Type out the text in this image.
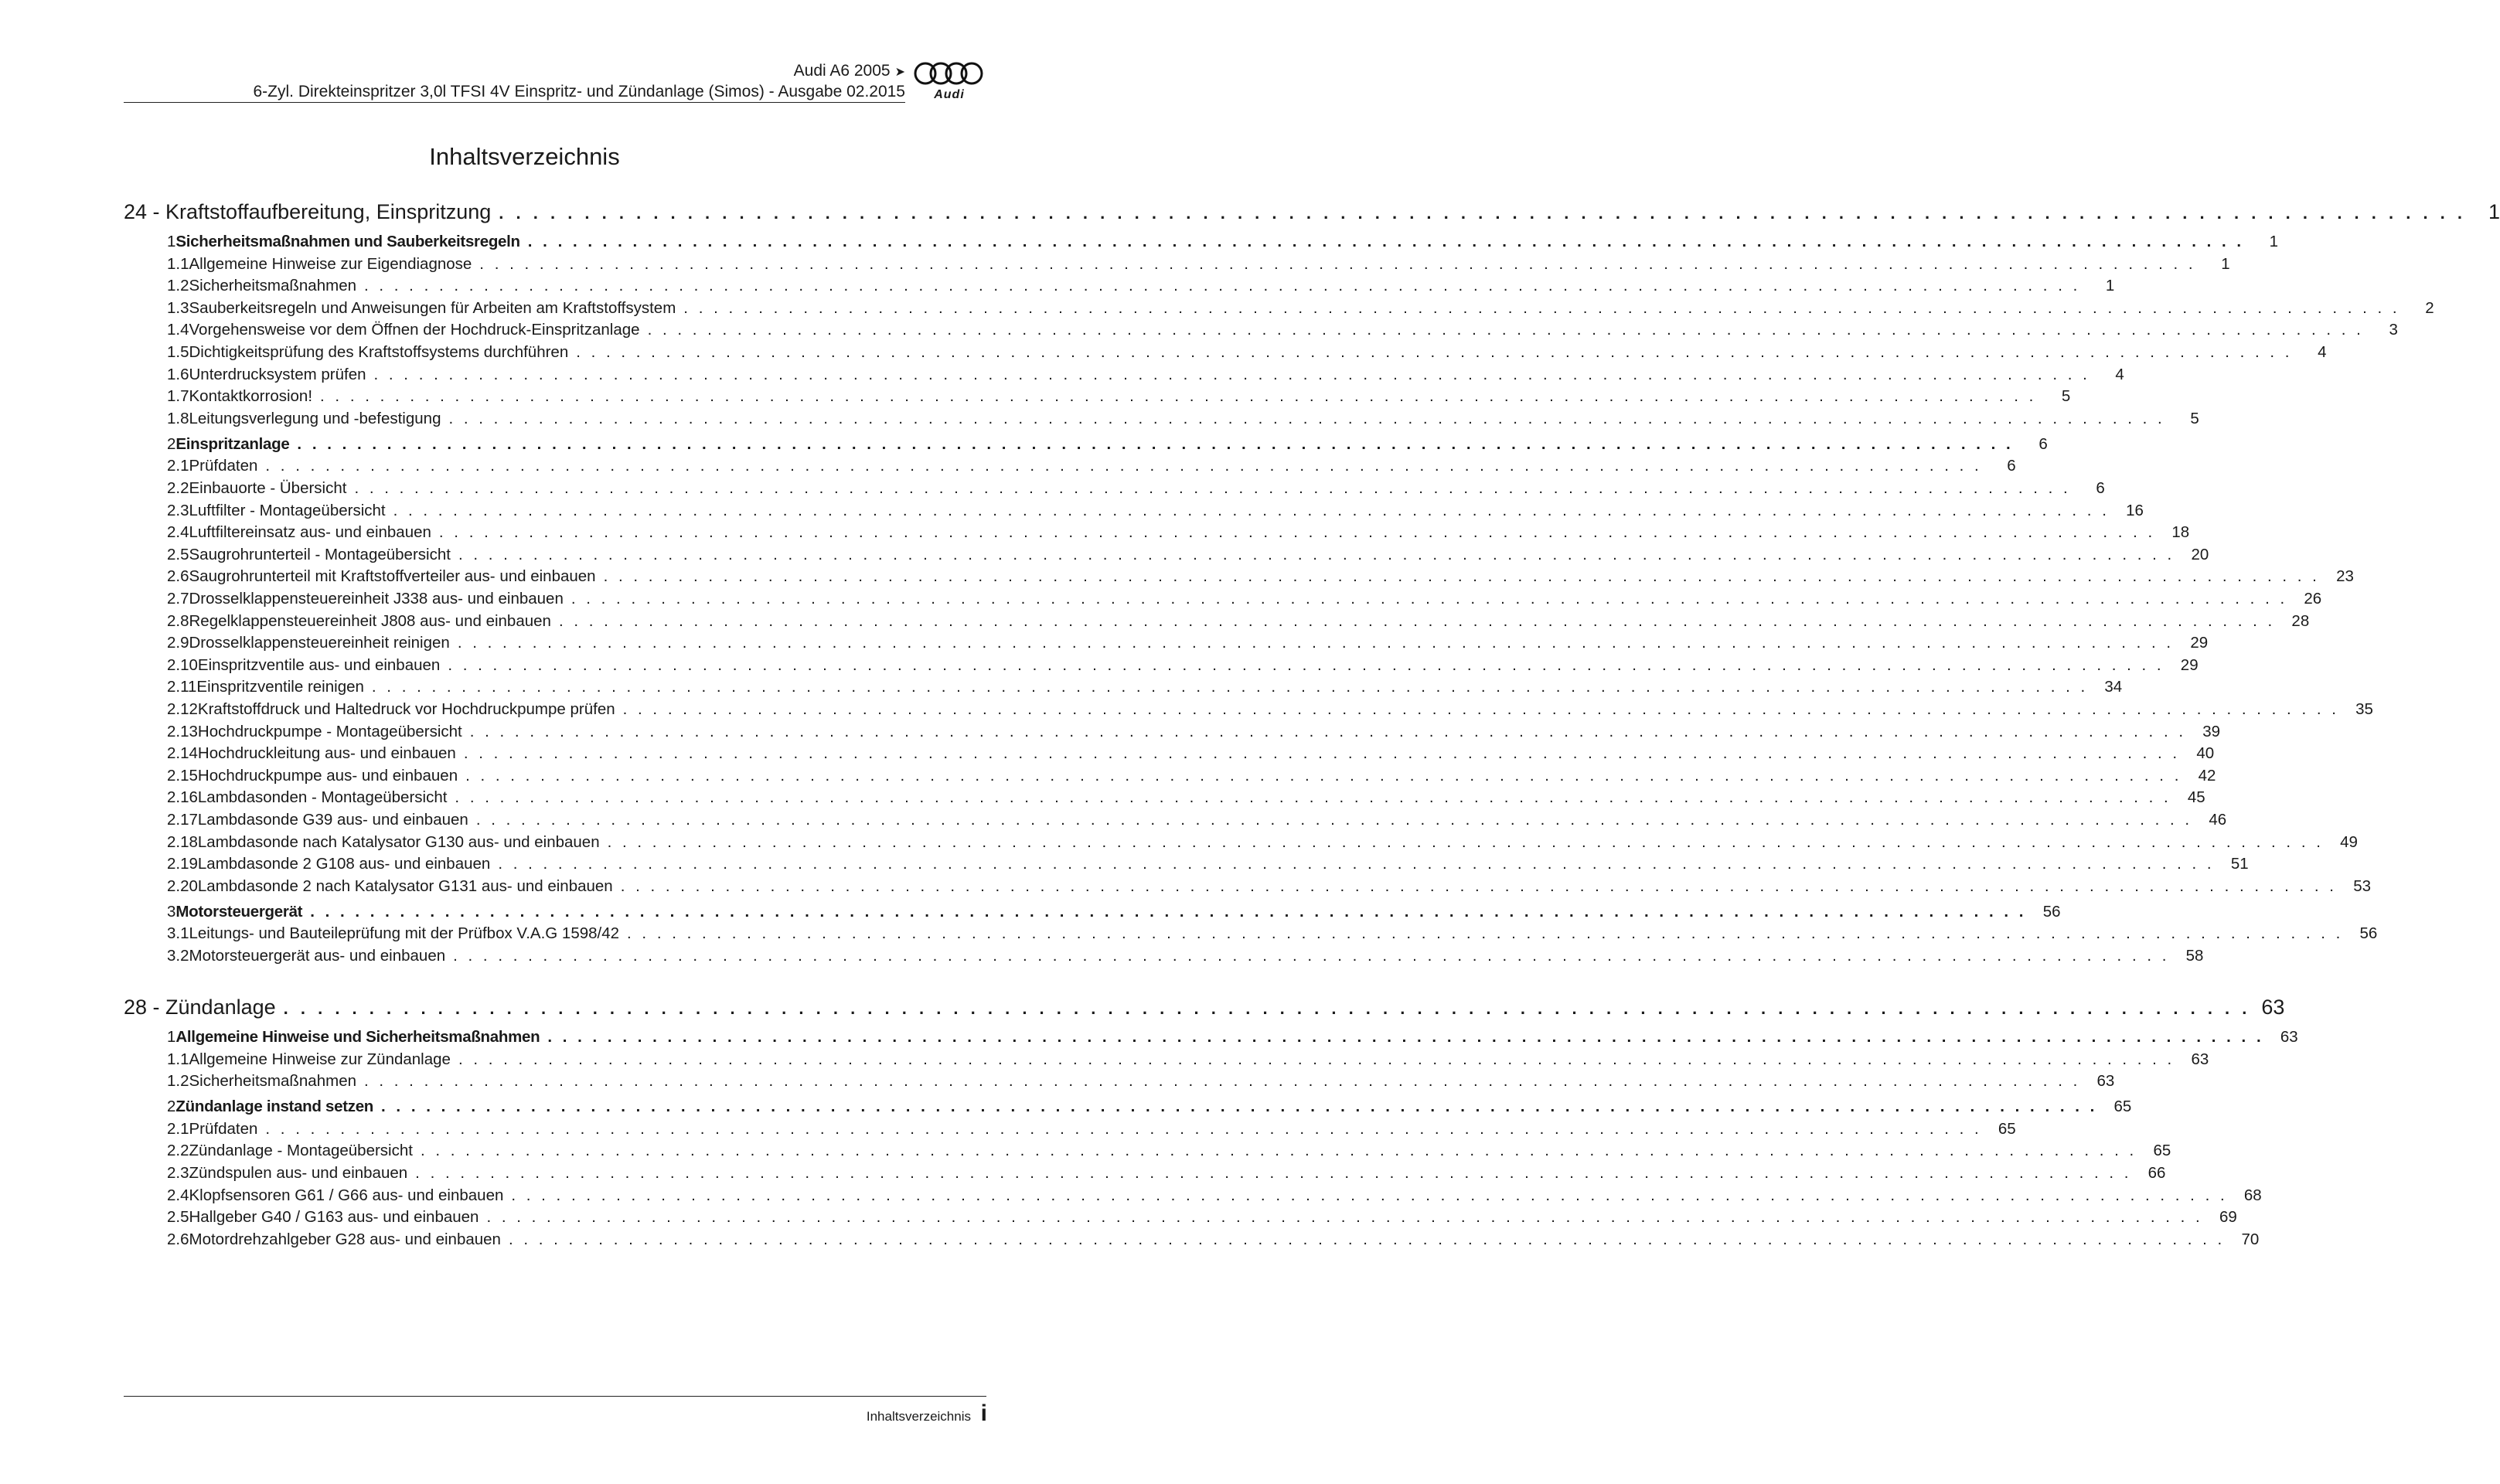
Audi A6 2005 ➤
6-Zyl. Direkteinspritzer 3,0l TFSI 4V Einspritz- und Zündanlage (Simos) - Ausgabe 02.2015	Audi
Inhaltsverzeichnis
24 - Kraftstoffaufbereitung, Einspritzung . . . . . . . . . . . . . . . . . . . . . . . . . . . . . . . . . . . . . . . . . . . . . . . . . . . . . . . . . . . . . . . . . . . . . . . . . . . . . . . . . . . . . . . . . . . . . . . . . . . . . . . . . . . . . . . . . . .	1
1 Sicherheitsmaßnahmen und Sauberkeitsregeln . . . . . . . . . . . . . . . . . . . . . . . . . . . . . . . . . . . . . . . . . . . . . . . . . . . . . . . . . . . . . . . . . . . . . . . . . . . . . . . . . . . . . . . . . . . . . . . . . . . . . . . . . . . . . . . . . . .	1
1.1 Allgemeine Hinweise zur Eigendiagnose . . . . . . . . . . . . . . . . . . . . . . . . . . . . . . . . . . . . . . . . . . . . . . . . . . . . . . . . . . . . . . . . . . . . . . . . . . . . . . . . . . . . . . . . . . . . . . . . . . . . . . . . . . . . . . . . . . .	1
1.2 Sicherheitsmaßnahmen . . . . . . . . . . . . . . . . . . . . . . . . . . . . . . . . . . . . . . . . . . . . . . . . . . . . . . . . . . . . . . . . . . . . . . . . . . . . . . . . . . . . . . . . . . . . . . . . . . . . . . . . . . . . . . . . . . .	1
1.3 Sauberkeitsregeln und Anweisungen für Arbeiten am Kraftstoffsystem . . . . . . . . . . . . . . . . . . . . . . . . . . . . . . . . . . . . . . . . . . . . . . . . . . . . . . . . . . . . . . . . . . . . . . . . . . . . . . . . . . . . . . . . . . . . . . . . . . . . . . . . . . . . . . . . . . .	2
1.4 Vorgehensweise vor dem Öffnen der Hochdruck-Einspritzanlage . . . . . . . . . . . . . . . . . . . . . . . . . . . . . . . . . . . . . . . . . . . . . . . . . . . . . . . . . . . . . . . . . . . . . . . . . . . . . . . . . . . . . . . . . . . . . . . . . . . . . . . . . . . . . . . . . . .	3
1.5 Dichtigkeitsprüfung des Kraftstoffsystems durchführen . . . . . . . . . . . . . . . . . . . . . . . . . . . . . . . . . . . . . . . . . . . . . . . . . . . . . . . . . . . . . . . . . . . . . . . . . . . . . . . . . . . . . . . . . . . . . . . . . . . . . . . . . . . . . . . . . . .	4
1.6 Unterdrucksystem prüfen . . . . . . . . . . . . . . . . . . . . . . . . . . . . . . . . . . . . . . . . . . . . . . . . . . . . . . . . . . . . . . . . . . . . . . . . . . . . . . . . . . . . . . . . . . . . . . . . . . . . . . . . . . . . . . . . . . .	4
1.7 Kontaktkorrosion! . . . . . . . . . . . . . . . . . . . . . . . . . . . . . . . . . . . . . . . . . . . . . . . . . . . . . . . . . . . . . . . . . . . . . . . . . . . . . . . . . . . . . . . . . . . . . . . . . . . . . . . . . . . . . . . . . . .	5
1.8 Leitungsverlegung und -befestigung . . . . . . . . . . . . . . . . . . . . . . . . . . . . . . . . . . . . . . . . . . . . . . . . . . . . . . . . . . . . . . . . . . . . . . . . . . . . . . . . . . . . . . . . . . . . . . . . . . . . . . . . . . . . . . . . . . .	5
2 Einspritzanlage . . . . . . . . . . . . . . . . . . . . . . . . . . . . . . . . . . . . . . . . . . . . . . . . . . . . . . . . . . . . . . . . . . . . . . . . . . . . . . . . . . . . . . . . . . . . . . . . . . . . . . . . . . . . . . . . . . .	6
2.1 Prüfdaten . . . . . . . . . . . . . . . . . . . . . . . . . . . . . . . . . . . . . . . . . . . . . . . . . . . . . . . . . . . . . . . . . . . . . . . . . . . . . . . . . . . . . . . . . . . . . . . . . . . . . . . . . . . . . . . . . . .	6
2.2 Einbauorte - Übersicht . . . . . . . . . . . . . . . . . . . . . . . . . . . . . . . . . . . . . . . . . . . . . . . . . . . . . . . . . . . . . . . . . . . . . . . . . . . . . . . . . . . . . . . . . . . . . . . . . . . . . . . . . . . . . . . . . . .	6
2.3 Luftfilter - Montageübersicht . . . . . . . . . . . . . . . . . . . . . . . . . . . . . . . . . . . . . . . . . . . . . . . . . . . . . . . . . . . . . . . . . . . . . . . . . . . . . . . . . . . . . . . . . . . . . . . . . . . . . . . . . . . . . . . . . . .	16
2.4 Luftfiltereinsatz aus- und einbauen . . . . . . . . . . . . . . . . . . . . . . . . . . . . . . . . . . . . . . . . . . . . . . . . . . . . . . . . . . . . . . . . . . . . . . . . . . . . . . . . . . . . . . . . . . . . . . . . . . . . . . . . . . . . . . . . . . .	18
2.5 Saugrohrunterteil - Montageübersicht . . . . . . . . . . . . . . . . . . . . . . . . . . . . . . . . . . . . . . . . . . . . . . . . . . . . . . . . . . . . . . . . . . . . . . . . . . . . . . . . . . . . . . . . . . . . . . . . . . . . . . . . . . . . . . . . . . .	20
2.6 Saugrohrunterteil mit Kraftstoffverteiler aus- und einbauen . . . . . . . . . . . . . . . . . . . . . . . . . . . . . . . . . . . . . . . . . . . . . . . . . . . . . . . . . . . . . . . . . . . . . . . . . . . . . . . . . . . . . . . . . . . . . . . . . . . . . . . . . . . . . . . . . . .	23
2.7 Drosselklappensteuereinheit J338 aus- und einbauen . . . . . . . . . . . . . . . . . . . . . . . . . . . . . . . . . . . . . . . . . . . . . . . . . . . . . . . . . . . . . . . . . . . . . . . . . . . . . . . . . . . . . . . . . . . . . . . . . . . . . . . . . . . . . . . . . . .	26
2.8 Regelklappensteuereinheit J808 aus- und einbauen . . . . . . . . . . . . . . . . . . . . . . . . . . . . . . . . . . . . . . . . . . . . . . . . . . . . . . . . . . . . . . . . . . . . . . . . . . . . . . . . . . . . . . . . . . . . . . . . . . . . . . . . . . . . . . . . . . .	28
2.9 Drosselklappensteuereinheit reinigen . . . . . . . . . . . . . . . . . . . . . . . . . . . . . . . . . . . . . . . . . . . . . . . . . . . . . . . . . . . . . . . . . . . . . . . . . . . . . . . . . . . . . . . . . . . . . . . . . . . . . . . . . . . . . . . . . . .	29
2.10 Einspritzventile aus- und einbauen . . . . . . . . . . . . . . . . . . . . . . . . . . . . . . . . . . . . . . . . . . . . . . . . . . . . . . . . . . . . . . . . . . . . . . . . . . . . . . . . . . . . . . . . . . . . . . . . . . . . . . . . . . . . . . . . . . .	29
2.11 Einspritzventile reinigen . . . . . . . . . . . . . . . . . . . . . . . . . . . . . . . . . . . . . . . . . . . . . . . . . . . . . . . . . . . . . . . . . . . . . . . . . . . . . . . . . . . . . . . . . . . . . . . . . . . . . . . . . . . . . . . . . . .	34
2.12 Kraftstoffdruck und Haltedruck vor Hochdruckpumpe prüfen . . . . . . . . . . . . . . . . . . . . . . . . . . . . . . . . . . . . . . . . . . . . . . . . . . . . . . . . . . . . . . . . . . . . . . . . . . . . . . . . . . . . . . . . . . . . . . . . . . . . . . . . . . . . . . . . . . .	35
2.13 Hochdruckpumpe - Montageübersicht . . . . . . . . . . . . . . . . . . . . . . . . . . . . . . . . . . . . . . . . . . . . . . . . . . . . . . . . . . . . . . . . . . . . . . . . . . . . . . . . . . . . . . . . . . . . . . . . . . . . . . . . . . . . . . . . . . .	39
2.14 Hochdruckleitung aus- und einbauen . . . . . . . . . . . . . . . . . . . . . . . . . . . . . . . . . . . . . . . . . . . . . . . . . . . . . . . . . . . . . . . . . . . . . . . . . . . . . . . . . . . . . . . . . . . . . . . . . . . . . . . . . . . . . . . . . . .	40
2.15 Hochdruckpumpe aus- und einbauen . . . . . . . . . . . . . . . . . . . . . . . . . . . . . . . . . . . . . . . . . . . . . . . . . . . . . . . . . . . . . . . . . . . . . . . . . . . . . . . . . . . . . . . . . . . . . . . . . . . . . . . . . . . . . . . . . . .	42
2.16 Lambdasonden - Montageübersicht . . . . . . . . . . . . . . . . . . . . . . . . . . . . . . . . . . . . . . . . . . . . . . . . . . . . . . . . . . . . . . . . . . . . . . . . . . . . . . . . . . . . . . . . . . . . . . . . . . . . . . . . . . . . . . . . . . .	45
2.17 Lambdasonde G39 aus- und einbauen . . . . . . . . . . . . . . . . . . . . . . . . . . . . . . . . . . . . . . . . . . . . . . . . . . . . . . . . . . . . . . . . . . . . . . . . . . . . . . . . . . . . . . . . . . . . . . . . . . . . . . . . . . . . . . . . . . .	46
2.18 Lambdasonde nach Katalysator G130 aus- und einbauen . . . . . . . . . . . . . . . . . . . . . . . . . . . . . . . . . . . . . . . . . . . . . . . . . . . . . . . . . . . . . . . . . . . . . . . . . . . . . . . . . . . . . . . . . . . . . . . . . . . . . . . . . . . . . . . . . . .	49
2.19 Lambdasonde 2 G108 aus- und einbauen . . . . . . . . . . . . . . . . . . . . . . . . . . . . . . . . . . . . . . . . . . . . . . . . . . . . . . . . . . . . . . . . . . . . . . . . . . . . . . . . . . . . . . . . . . . . . . . . . . . . . . . . . . . . . . . . . . .	51
2.20 Lambdasonde 2 nach Katalysator G131 aus- und einbauen . . . . . . . . . . . . . . . . . . . . . . . . . . . . . . . . . . . . . . . . . . . . . . . . . . . . . . . . . . . . . . . . . . . . . . . . . . . . . . . . . . . . . . . . . . . . . . . . . . . . . . . . . . . . . . . . . . .	53
3 Motorsteuergerät . . . . . . . . . . . . . . . . . . . . . . . . . . . . . . . . . . . . . . . . . . . . . . . . . . . . . . . . . . . . . . . . . . . . . . . . . . . . . . . . . . . . . . . . . . . . . . . . . . . . . . . . . . . . . . . . . . .	56
3.1 Leitungs- und Bauteileprüfung mit der Prüfbox V.A.G 1598/42 . . . . . . . . . . . . . . . . . . . . . . . . . . . . . . . . . . . . . . . . . . . . . . . . . . . . . . . . . . . . . . . . . . . . . . . . . . . . . . . . . . . . . . . . . . . . . . . . . . . . . . . . . . . . . . . . . . .	56
3.2 Motorsteuergerät aus- und einbauen . . . . . . . . . . . . . . . . . . . . . . . . . . . . . . . . . . . . . . . . . . . . . . . . . . . . . . . . . . . . . . . . . . . . . . . . . . . . . . . . . . . . . . . . . . . . . . . . . . . . . . . . . . . . . . . . . . .	58
28 - Zündanlage . . . . . . . . . . . . . . . . . . . . . . . . . . . . . . . . . . . . . . . . . . . . . . . . . . . . . . . . . . . . . . . . . . . . . . . . . . . . . . . . . . . . . . . . . . . . . . . . . . . . . . . . . . . . . . . . . . . 63
1 Allgemeine Hinweise und Sicherheitsmaßnahmen . . . . . . . . . . . . . . . . . . . . . . . . . . . . . . . . . . . . . . . . . . . . . . . . . . . . . . . . . . . . . . . . . . . . . . . . . . . . . . . . . . . . . . . . . . . . . . . . . . . . . . . . . . . . . . . . . . .	63
1.1 Allgemeine Hinweise zur Zündanlage . . . . . . . . . . . . . . . . . . . . . . . . . . . . . . . . . . . . . . . . . . . . . . . . . . . . . . . . . . . . . . . . . . . . . . . . . . . . . . . . . . . . . . . . . . . . . . . . . . . . . . . . . . . . . . . . . . .	63
1.2 Sicherheitsmaßnahmen . . . . . . . . . . . . . . . . . . . . . . . . . . . . . . . . . . . . . . . . . . . . . . . . . . . . . . . . . . . . . . . . . . . . . . . . . . . . . . . . . . . . . . . . . . . . . . . . . . . . . . . . . . . . . . . . . . .	63
2 Zündanlage instand setzen . . . . . . . . . . . . . . . . . . . . . . . . . . . . . . . . . . . . . . . . . . . . . . . . . . . . . . . . . . . . . . . . . . . . . . . . . . . . . . . . . . . . . . . . . . . . . . . . . . . . . . . . . . . . . . . . . . .	65
2.1 Prüfdaten . . . . . . . . . . . . . . . . . . . . . . . . . . . . . . . . . . . . . . . . . . . . . . . . . . . . . . . . . . . . . . . . . . . . . . . . . . . . . . . . . . . . . . . . . . . . . . . . . . . . . . . . . . . . . . . . . . .	65
2.2 Zündanlage - Montageübersicht . . . . . . . . . . . . . . . . . . . . . . . . . . . . . . . . . . . . . . . . . . . . . . . . . . . . . . . . . . . . . . . . . . . . . . . . . . . . . . . . . . . . . . . . . . . . . . . . . . . . . . . . . . . . . . . . . . .	65
2.3 Zündspulen aus- und einbauen . . . . . . . . . . . . . . . . . . . . . . . . . . . . . . . . . . . . . . . . . . . . . . . . . . . . . . . . . . . . . . . . . . . . . . . . . . . . . . . . . . . . . . . . . . . . . . . . . . . . . . . . . . . . . . . . . . .	66
2.4 Klopfsensoren G61 / G66 aus- und einbauen . . . . . . . . . . . . . . . . . . . . . . . . . . . . . . . . . . . . . . . . . . . . . . . . . . . . . . . . . . . . . . . . . . . . . . . . . . . . . . . . . . . . . . . . . . . . . . . . . . . . . . . . . . . . . . . . . . .	68
2.5 Hallgeber G40 / G163 aus- und einbauen . . . . . . . . . . . . . . . . . . . . . . . . . . . . . . . . . . . . . . . . . . . . . . . . . . . . . . . . . . . . . . . . . . . . . . . . . . . . . . . . . . . . . . . . . . . . . . . . . . . . . . . . . . . . . . . . . . .	69
2.6 Motordrehzahlgeber G28 aus- und einbauen . . . . . . . . . . . . . . . . . . . . . . . . . . . . . . . . . . . . . . . . . . . . . . . . . . . . . . . . . . . . . . . . . . . . . . . . . . . . . . . . . . . . . . . . . . . . . . . . . . . . . . . . . . . . . . . . . . .	70
Inhaltsverzeichnis i
